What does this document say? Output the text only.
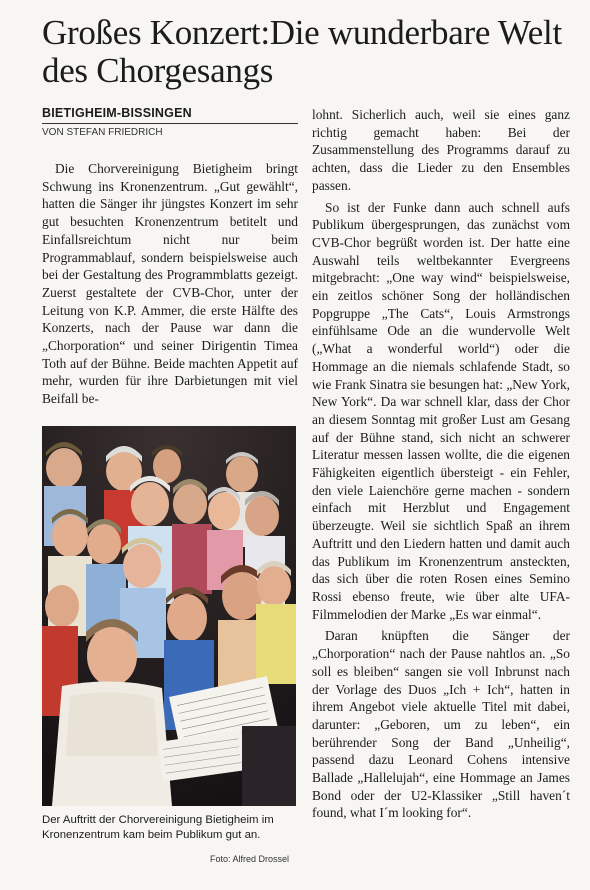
Großes Konzert:Die wunderbare Welt des Chorgesangs
BIETIGHEIM-BISSINGEN
VON STEFAN FRIEDRICH

Die Chorvereinigung Bietigheim bringt Schwung ins Kronenzentrum. „Gut gewählt“, hatten die Sänger ihr jüngstes Konzert im sehr gut besuchten Kronenzentrum betitelt und Einfallsreichtum nicht nur beim Programmablauf, sondern beispielsweise auch bei der Gestaltung des Programmblatts gezeigt. Zuerst gestaltete der CVB-Chor, unter der Leitung von K.P. Ammer, die erste Hälfte des Konzerts, nach der Pause war dann die „Chorporation“ und seiner Dirigentin Timea Toth auf der Bühne. Beide machten Appetit auf mehr, wurden für ihre Darbietungen mit viel Beifall be-

Der Auftritt der Chorvereinigung Bietigheim im Kronenzentrum kam beim Publikum gut an.
Foto: Alfred Drossel

lohnt. Sicherlich auch, weil sie eines ganz richtig gemacht haben: Bei der Zusammenstellung des Programms darauf zu achten, dass die Lieder zu den Ensembles passen.

So ist der Funke dann auch schnell aufs Publikum übergesprungen, das zunächst vom CVB-Chor begrüßt worden ist. Der hatte eine Auswahl teils weltbekannter Evergreens mitgebracht: „One way wind“ beispielsweise, ein zeitlos schöner Song der holländischen Popgruppe „The Cats“, Louis Armstrongs einfühlsame Ode an die wundervolle Welt („What a wonderful world“) oder die Hommage an die niemals schlafende Stadt, so wie Frank Sinatra sie besungen hat: „New York, New York“. Da war schnell klar, dass der Chor an diesem Sonntag mit großer Lust am Gesang auf der Bühne stand, sich nicht an schwerer Literatur messen lassen wollte, die die eigenen Fähigkeiten eigentlich übersteigt - ein Fehler, den viele Laienchöre gerne machen - sondern einfach mit Herzblut und Engagement überzeugte. Weil sie sichtlich Spaß an ihrem Auftritt und den Liedern hatten und damit auch das Publikum im Kronenzentrum ansteckten, das sich über die roten Rosen eines Semino Rossi ebenso freute, wie über alte UFA-Filmmelodien der Marke „Es war einmal“.

Daran knüpften die Sänger der „Chorporation“ nach der Pause nahtlos an. „So soll es bleiben“ sangen sie voll Inbrunst nach der Vorlage des Duos „Ich + Ich“, hatten in ihrem Angebot viele aktuelle Titel mit dabei, darunter: „Geboren, um zu leben“, ein berührender Song der Band „Unheilig“, passend dazu Leonard Cohens intensive Ballade „Hallelujah“, eine Hommage an James Bond oder der U2-Klassiker „Still haven´t found, what I´m looking for“.
